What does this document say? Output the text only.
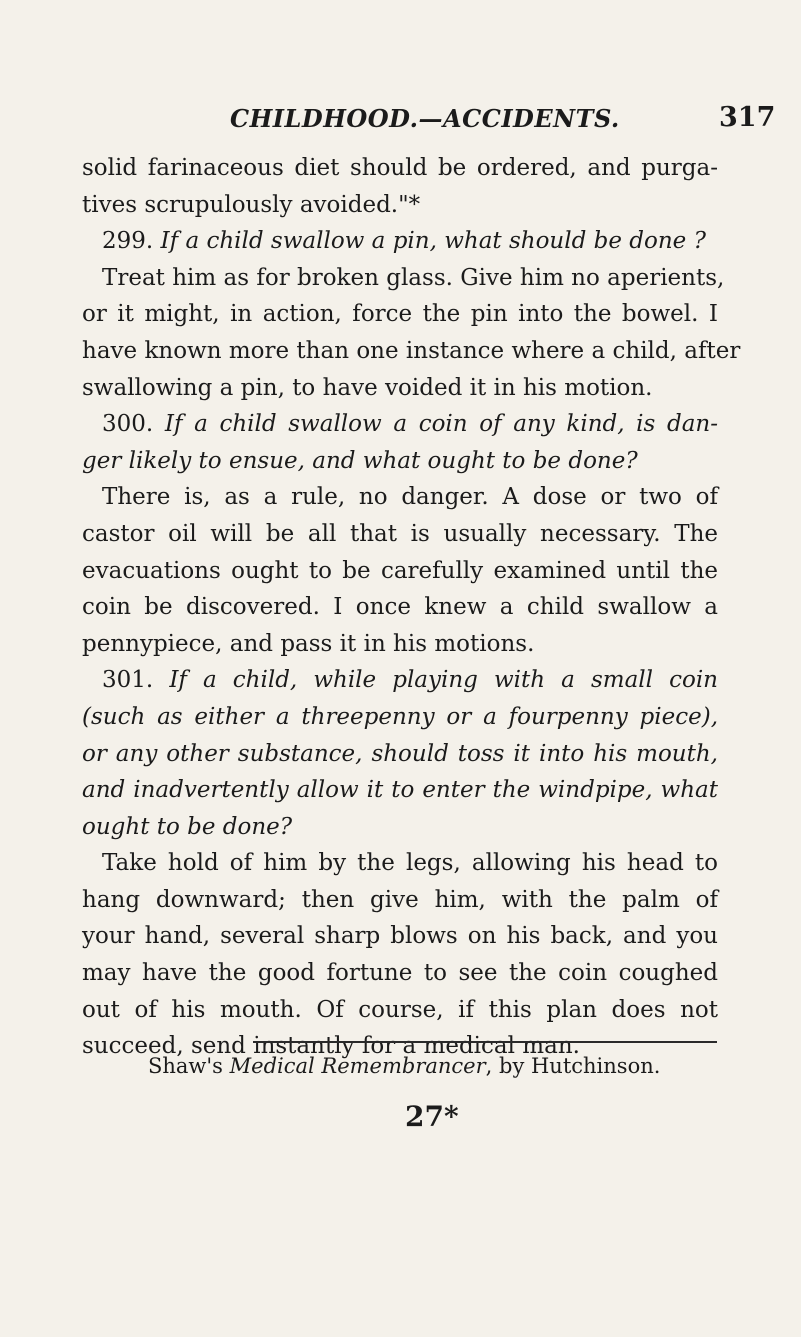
CHILDHOOD.—ACCIDENTS.	317
solid farinaceous diet should be ordered, and purga-
tives scrupulously avoided."*
299. If a child swallow a pin, what should be done ?
Treat him as for broken glass. Give him no aperients,
or it might, in action, force the pin into the bowel. I
have known more than one instance where a child, after
swallowing a pin, to have voided it in his motion.
300. If a child swallow a coin of any kind, is dan-
ger likely to ensue, and what ought to be done?
There is, as a rule, no danger. A dose or two of
castor oil will be all that is usually necessary. The
evacuations ought to be carefully examined until the
coin be discovered. I once knew a child swallow a
pennypiece, and pass it in his motions.
301. If a child, while playing with a small coin
(such as either a threepenny or a fourpenny piece),
or any other substance, should toss it into his mouth,
and inadvertently allow it to enter the windpipe, what
ought to be done?
Take hold of him by the legs, allowing his head to
hang downward; then give him, with the palm of
your hand, several sharp blows on his back, and you
may have the good fortune to see the coin coughed
out of his mouth. Of course, if this plan does not
succeed, send instantly for a medical man.
Shaw's Medical Remembrancer, by Hutchinson.
27*
